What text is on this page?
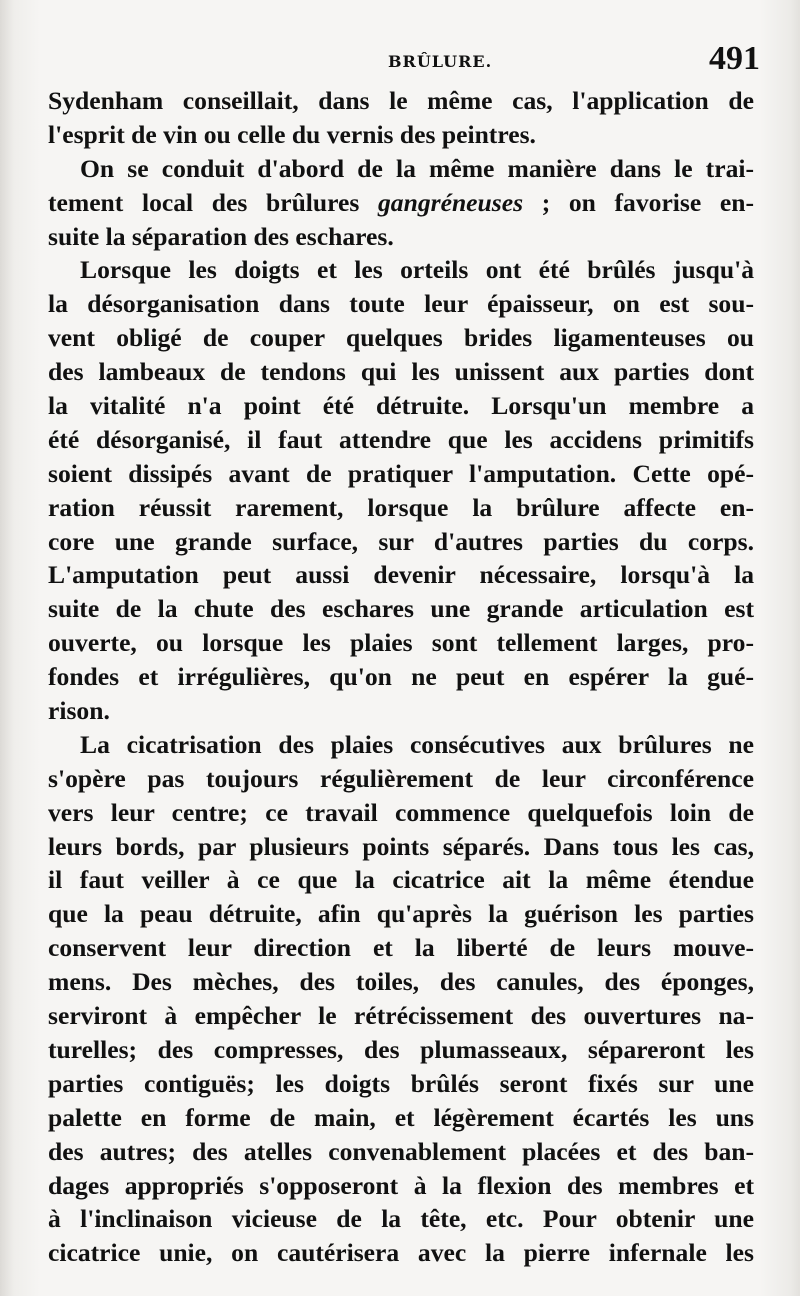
BRÛLURE.	491
Sydenham conseillait, dans le même cas, l'application de
l'esprit de vin ou celle du vernis des peintres.
On se conduit d'abord de la même manière dans le trai-
tement local des brûlures gangréneuses ; on favorise en-
suite la séparation des eschares.
Lorsque les doigts et les orteils ont été brûlés jusqu'à
la désorganisation dans toute leur épaisseur, on est sou-
vent obligé de couper quelques brides ligamenteuses ou
des lambeaux de tendons qui les unissent aux parties dont
la vitalité n'a point été détruite. Lorsqu'un membre a
été désorganisé, il faut attendre que les accidens primitifs
soient dissipés avant de pratiquer l'amputation. Cette opé-
ration réussit rarement, lorsque la brûlure affecte en-
core une grande surface, sur d'autres parties du corps.
L'amputation peut aussi devenir nécessaire, lorsqu'à la
suite de la chute des eschares une grande articulation est
ouverte, ou lorsque les plaies sont tellement larges, pro-
fondes et irrégulières, qu'on ne peut en espérer la gué-
rison.
La cicatrisation des plaies consécutives aux brûlures ne
s'opère pas toujours régulièrement de leur circonférence
vers leur centre; ce travail commence quelquefois loin de
leurs bords, par plusieurs points séparés. Dans tous les cas,
il faut veiller à ce que la cicatrice ait la même étendue
que la peau détruite, afin qu'après la guérison les parties
conservent leur direction et la liberté de leurs mouve-
mens. Des mèches, des toiles, des canules, des éponges,
serviront à empêcher le rétrécissement des ouvertures na-
turelles; des compresses, des plumasseaux, sépareront les
parties contiguës; les doigts brûlés seront fixés sur une
palette en forme de main, et légèrement écartés les uns
des autres; des atelles convenablement placées et des ban-
dages appropriés s'opposeront à la flexion des membres et
à l'inclinaison vicieuse de la tête, etc. Pour obtenir une
cicatrice unie, on cautérisera avec la pierre infernale les
